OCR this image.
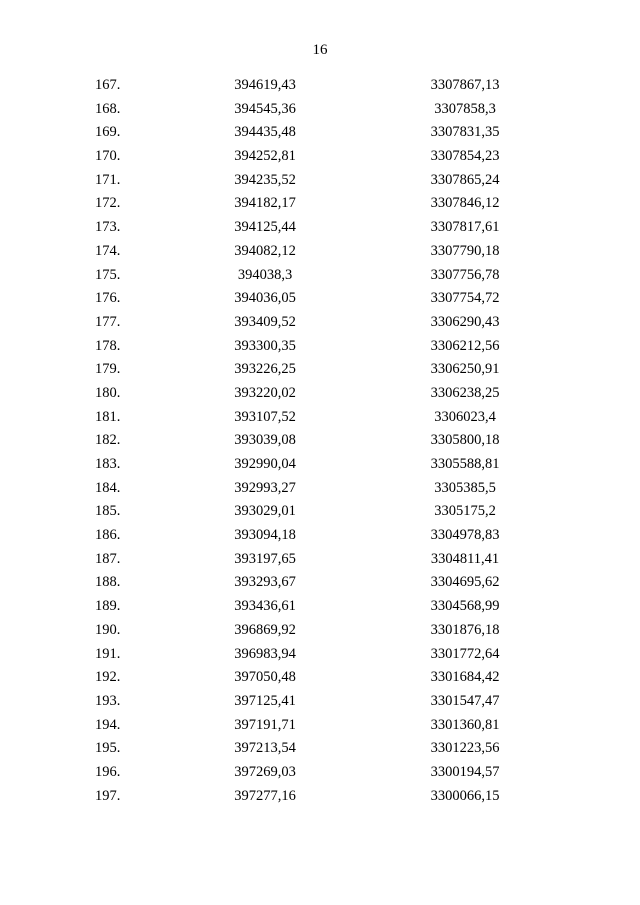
16
167.	394619,43	3307867,13
168.	394545,36	3307858,3
169.	394435,48	3307831,35
170.	394252,81	3307854,23
171.	394235,52	3307865,24
172.	394182,17	3307846,12
173.	394125,44	3307817,61
174.	394082,12	3307790,18
175.	394038,3	3307756,78
176.	394036,05	3307754,72
177.	393409,52	3306290,43
178.	393300,35	3306212,56
179.	393226,25	3306250,91
180.	393220,02	3306238,25
181.	393107,52	3306023,4
182.	393039,08	3305800,18
183.	392990,04	3305588,81
184.	392993,27	3305385,5
185.	393029,01	3305175,2
186.	393094,18	3304978,83
187.	393197,65	3304811,41
188.	393293,67	3304695,62
189.	393436,61	3304568,99
190.	396869,92	3301876,18
191.	396983,94	3301772,64
192.	397050,48	3301684,42
193.	397125,41	3301547,47
194.	397191,71	3301360,81
195.	397213,54	3301223,56
196.	397269,03	3300194,57
197.	397277,16	3300066,15
